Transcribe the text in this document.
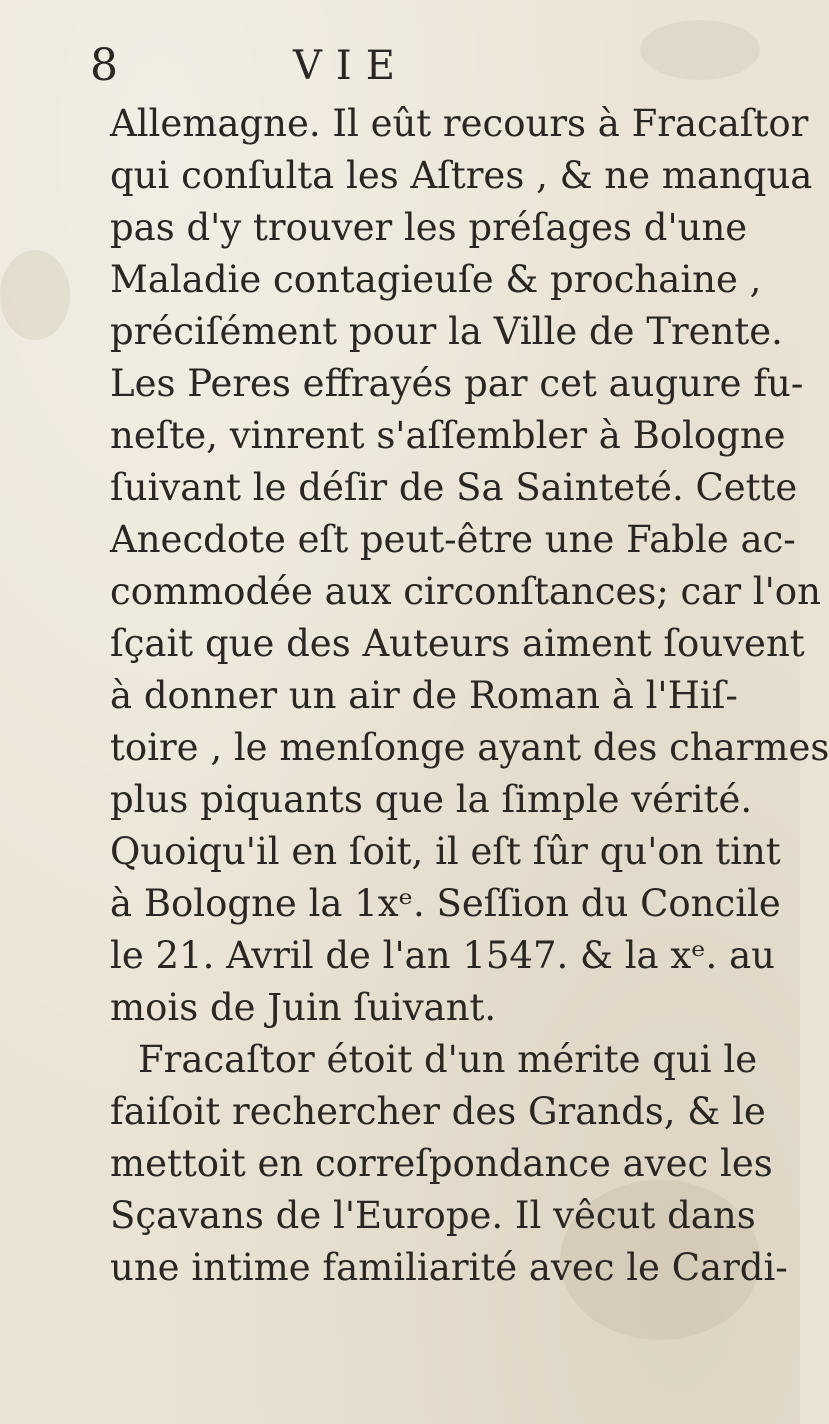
8	VIE
Allemagne. Il eût recours à Fracaſtor
qui conſulta les Aſtres , & ne manqua
pas d'y trouver les préſages d'une
Maladie contagieuſe & prochaine ,
préciſément pour la Ville de Trente.
Les Peres effrayés par cet augure fu-
neſte, vinrent s'aſſembler à Bologne
ſuivant le déſir de Sa Sainteté. Cette
Anecdote eſt peut-être une Fable ac-
commodée aux circonſtances; car l'on
ſçait que des Auteurs aiment ſouvent
à donner un air de Roman à l'Hiſ-
toire , le menſonge ayant des charmes
plus piquants que la ſimple vérité.
Quoiqu'il en ſoit, il eſt ſûr qu'on tint
à Bologne la 1xᵉ. Seſſion du Concile
le 21. Avril de l'an 1547. & la xᵉ. au
mois de Juin ſuivant.
Fracaſtor étoit d'un mérite qui le
faiſoit rechercher des Grands, & le
mettoit en correſpondance avec les
Sçavans de l'Europe. Il vêcut dans
une intime familiarité avec le Cardi-
